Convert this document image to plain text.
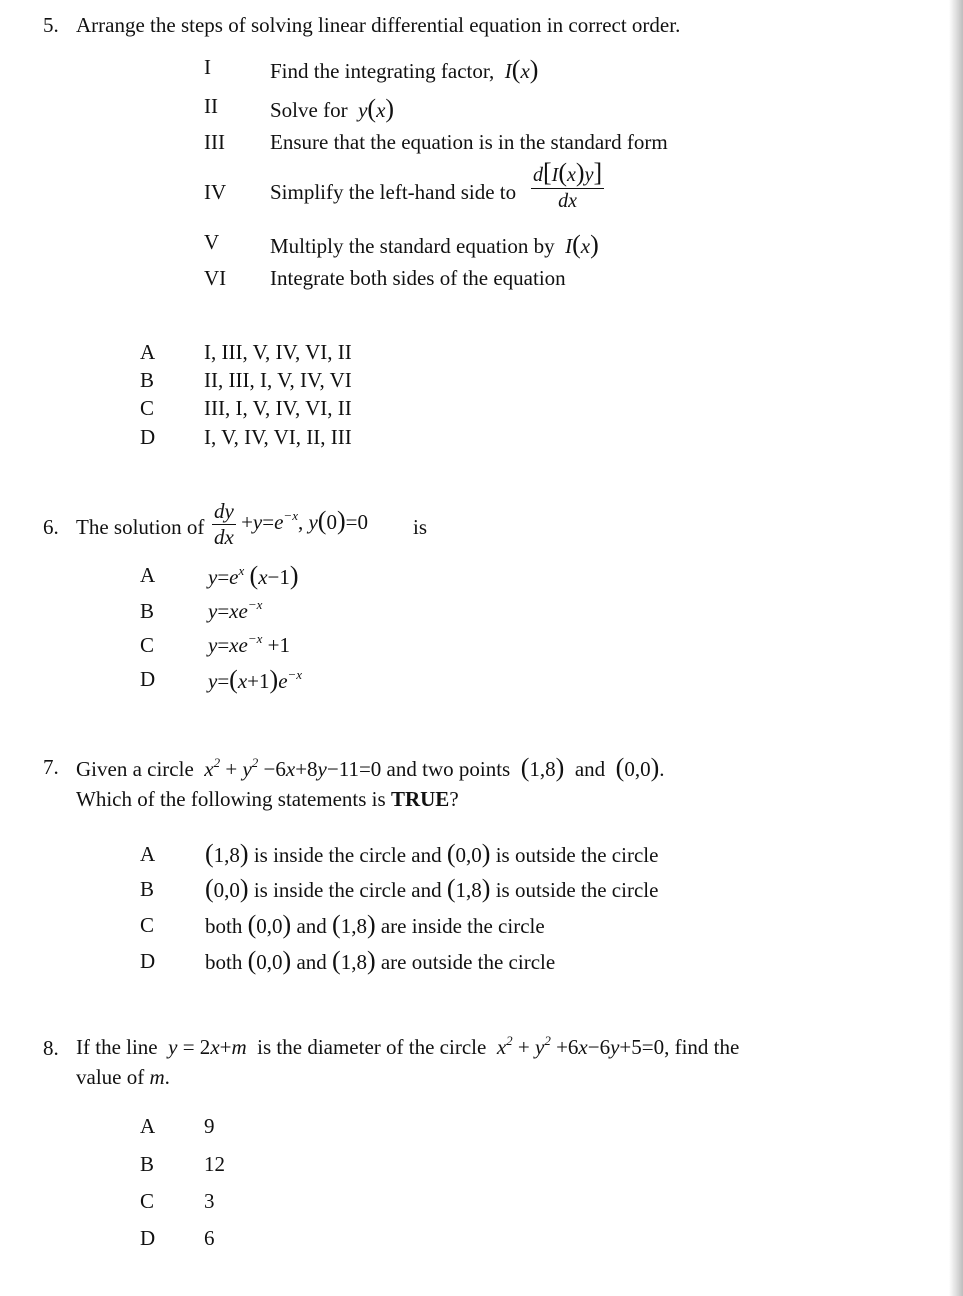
5. Arrange the steps of solving linear differential equation in correct order.
I	Find the integrating factor,  I(x)
II Solve for  y(x)
III Ensure that the equation is in the standard form
IV Simplify the left-hand side to $\frac{d[I(x)y]}{dx}$
V Multiply the standard equation by  I(x)
VI Integrate both sides of the equation
A I, III, V, IV, VI, II
B II, III, I, V, IV, VI
C III, I, V, IV, VI, II
D I, V, IV, VI, II, III
6. The solution of $\frac{dy}{dx} +y=e^{-x}$, y(0)=0 is
A	$y=e^x$ (x−1)
B	$y=xe^{-x}$
C	$y=xe^{-x} +1$
D	$y=(x+1)e^{-x}$
7. Given a circle  $x^2 + y^2 -6x+8y-11=0$ and two points (1,8) and (0,0).
Which of the following statements is TRUE?
A (1,8) is inside the circle and (0,0) is outside the circle
B (0,0) is inside the circle and (1,8) is outside the circle
C both (0,0) and (1,8) are inside the circle
D both (0,0) and (1,8) are outside the circle
8. If the line  y = 2x+m  is the diameter of the circle  $x^2 + y^2 +6x-6y+5=0$, find the
value of m.
A 9
B 12
C 3
D 6
